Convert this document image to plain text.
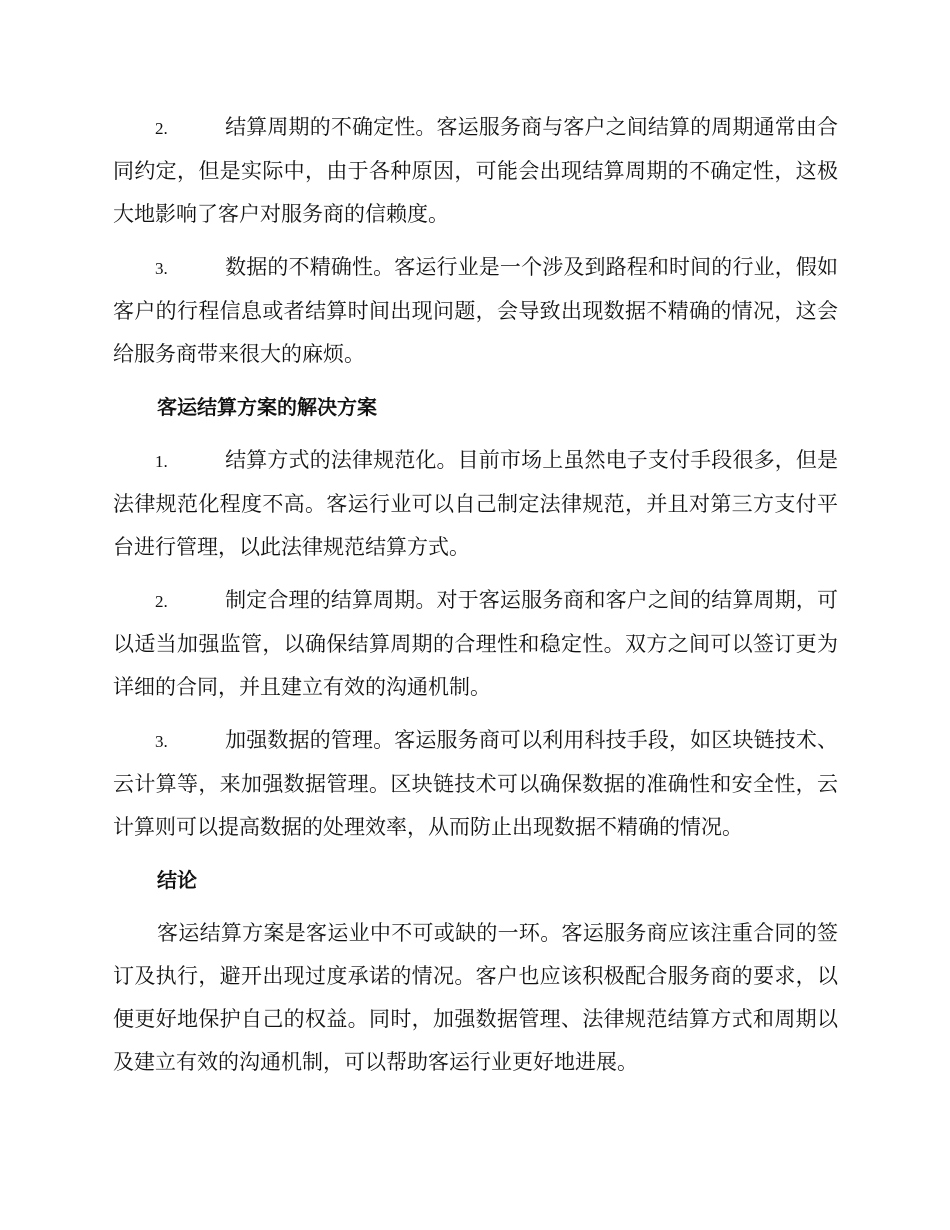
2.	结算周期的不确定性。客运服务商与客户之间结算的周期通常由合同约定，但是实际中，由于各种原因，可能会出现结算周期的不确定性，这极大地影响了客户对服务商的信赖度。

3.	数据的不精确性。客运行业是一个涉及到路程和时间的行业，假如客户的行程信息或者结算时间出现问题，会导致出现数据不精确的情况，这会给服务商带来很大的麻烦。

客运结算方案的解决方案

1.	结算方式的法律规范化。目前市场上虽然电子支付手段很多，但是法律规范化程度不高。客运行业可以自己制定法律规范，并且对第三方支付平台进行管理，以此法律规范结算方式。

2.	制定合理的结算周期。对于客运服务商和客户之间的结算周期，可以适当加强监管，以确保结算周期的合理性和稳定性。双方之间可以签订更为详细的合同，并且建立有效的沟通机制。

3.	加强数据的管理。客运服务商可以利用科技手段，如区块链技术、云计算等，来加强数据管理。区块链技术可以确保数据的准确性和安全性，云计算则可以提高数据的处理效率，从而防止出现数据不精确的情况。

结论

客运结算方案是客运业中不可或缺的一环。客运服务商应该注重合同的签订及执行，避开出现过度承诺的情况。客户也应该积极配合服务商的要求，以便更好地保护自己的权益。同时，加强数据管理、法律规范结算方式和周期以及建立有效的沟通机制，可以帮助客运行业更好地进展。
